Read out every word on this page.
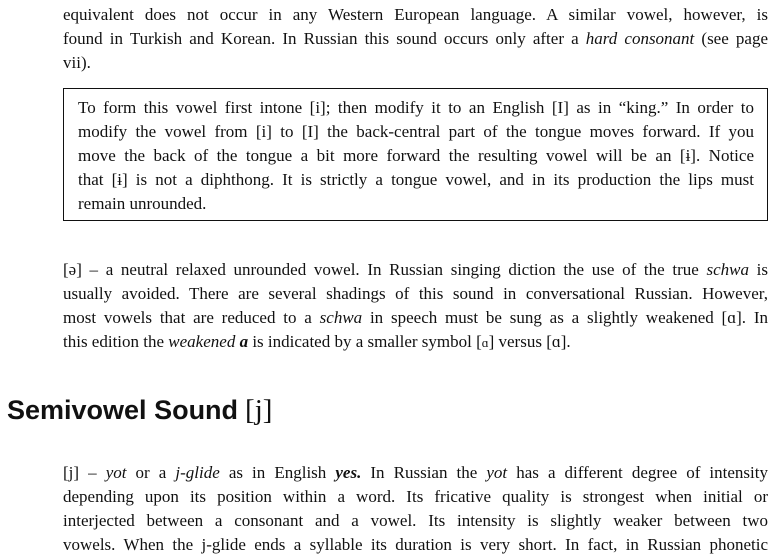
equivalent does not occur in any Western European language. A similar vowel, however, is
found in Turkish and Korean. In Russian this sound occurs only after a hard consonant (see page
vii).
To form this vowel first intone [i]; then modify it to an English [I] as in “king.” In order to
modify the vowel from [i] to [I] the back-central part of the tongue moves forward. If you
move the back of the tongue a bit more forward the resulting vowel will be an [ɨ]. Notice
that [ɨ] is not a diphthong. It is strictly a tongue vowel, and in its production the lips must
remain unrounded.
[ə] – a neutral relaxed unrounded vowel. In Russian singing diction the use of the true schwa is
usually avoided. There are several shadings of this sound in conversational Russian. However,
most vowels that are reduced to a schwa in speech must be sung as a slightly weakened [ɑ]. In
this edition the weakened a is indicated by a smaller symbol [ɑ] versus [ɑ].
Semivowel Sound [j]
[j] – yot or a j-glide as in English yes. In Russian the yot has a different degree of intensity
depending upon its position within a word. Its fricative quality is strongest when initial or
interjected between a consonant and a vowel. Its intensity is slightly weaker between two
vowels. When the j-glide ends a syllable its duration is very short. In fact, in Russian phonetic
